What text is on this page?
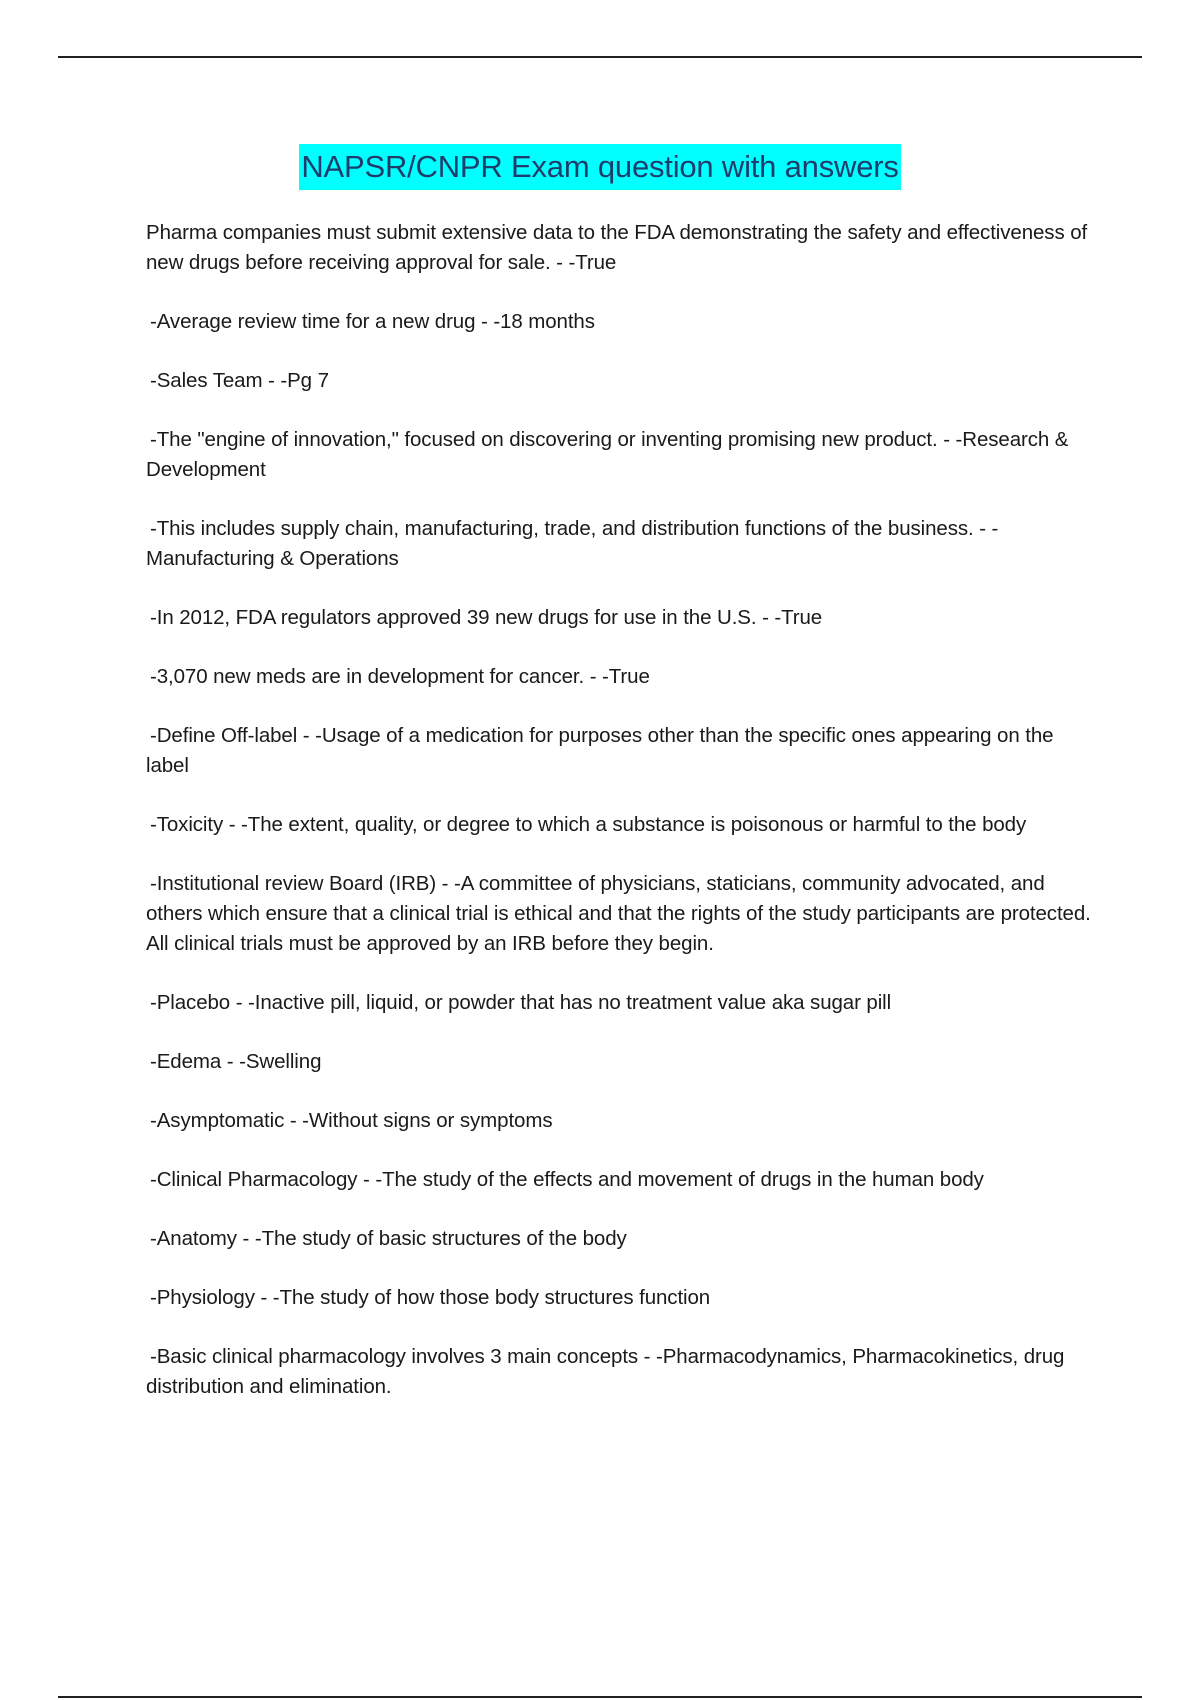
NAPSR/CNPR Exam question with answers
Pharma companies must submit extensive data to the FDA demonstrating the safety and effectiveness of new drugs before receiving approval for sale. - -True
-Average review time for a new drug - -18 months
-Sales Team - -Pg 7
-The "engine of innovation," focused on discovering or inventing promising new product. - -Research & Development
-This includes supply chain, manufacturing, trade, and distribution functions of the business. - -Manufacturing & Operations
-In 2012, FDA regulators approved 39 new drugs for use in the U.S. - -True
-3,070 new meds are in development for cancer. - -True
-Define Off-label - -Usage of a medication for purposes other than the specific ones appearing on the label
-Toxicity - -The extent, quality, or degree to which a substance is poisonous or harmful to the body
-Institutional review Board (IRB) - -A committee of physicians, staticians, community advocated, and others which ensure that a clinical trial is ethical and that the rights of the study participants are protected. All clinical trials must be approved by an IRB before they begin.
-Placebo - -Inactive pill, liquid, or powder that has no treatment value aka sugar pill
-Edema - -Swelling
-Asymptomatic - -Without signs or symptoms
-Clinical Pharmacology - -The study of the effects and movement of drugs in the human body
-Anatomy - -The study of basic structures of the body
-Physiology - -The study of how those body structures function
-Basic clinical pharmacology involves 3 main concepts - -Pharmacodynamics, Pharmacokinetics, drug distribution and elimination.
